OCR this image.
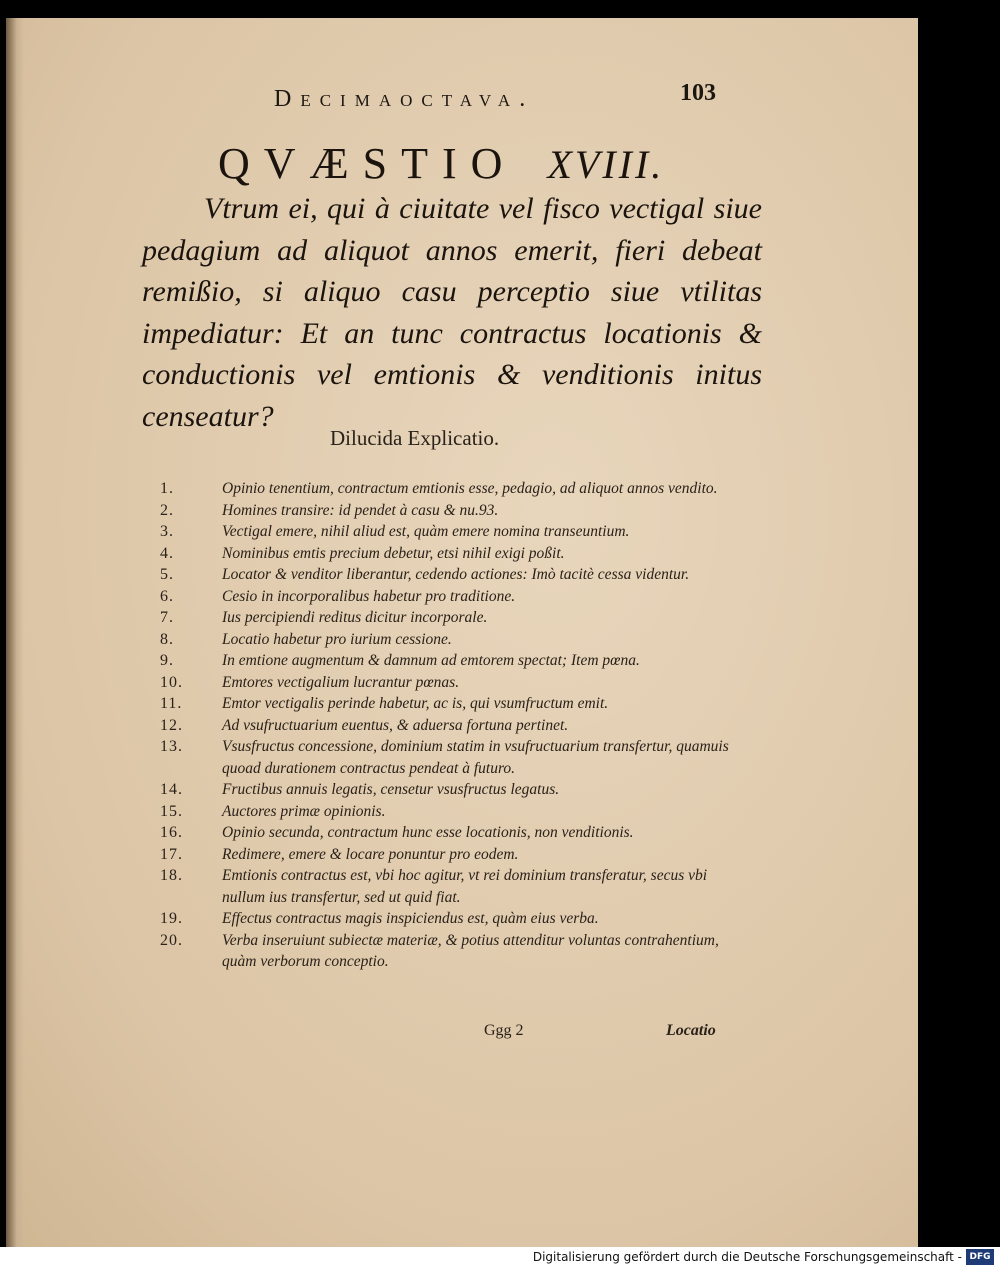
Decimaoctava.	103
QVÆSTIO XVIII.

Vtrum ei, qui à ciuitate vel fisco vectigal siue pedagium ad aliquot annos emerit, fieri debeat remißio, si aliquo casu perceptio siue vtilitas impediatur: Et an tunc contractus locationis & conductionis vel emtionis & venditionis initus censeatur?

Dilucida Explicatio.
1.	Opinio tenentium, contractum emtionis esse, pedagio, ad aliquot annos vendito.
2.	Homines transire: id pendet à casu & nu.93.
3.	Vectigal emere, nihil aliud est, quàm emere nomina transeuntium.
4.	Nominibus emtis precium debetur, etsi nihil exigi poßit.
5.	Locator & venditor liberantur, cedendo actiones: Imò tacitè cessa videntur.
6.	Cesio in incorporalibus habetur pro traditione.
7.	Ius percipiendi reditus dicitur incorporale.
8.	Locatio habetur pro iurium cessione.
9.	In emtione augmentum & damnum ad emtorem spectat; Item pœna.
10.	Emtores vectigalium lucrantur pœnas.
11.	Emtor vectigalis perinde habetur, ac is, qui vsumfructum emit.
12.	Ad vsufructuarium euentus, & aduersa fortuna pertinet.
13.	Vsusfructus concessione, dominium statim in vsufructuarium transfertur, quamuis quoad durationem contractus pendeat à futuro.
14.	Fructibus annuis legatis, censetur vsusfructus legatus.
15.	Auctores primæ opinionis.
16.	Opinio secunda, contractum hunc esse locationis, non venditionis.
17.	Redimere, emere & locare ponuntur pro eodem.
18.	Emtionis contractus est, vbi hoc agitur, vt rei dominium transferatur, secus vbi nullum ius transfertur, sed ut quid fiat.
19.	Effectus contractus magis inspiciendus est, quàm eius verba.
20.	Verba inseruiunt subiectæ materiæ, & potius attenditur voluntas contrahentium, quàm verborum conceptio.
Ggg 2	Locatio
Digitalisierung gefördert durch die Deutsche Forschungsgemeinschaft - DFG
